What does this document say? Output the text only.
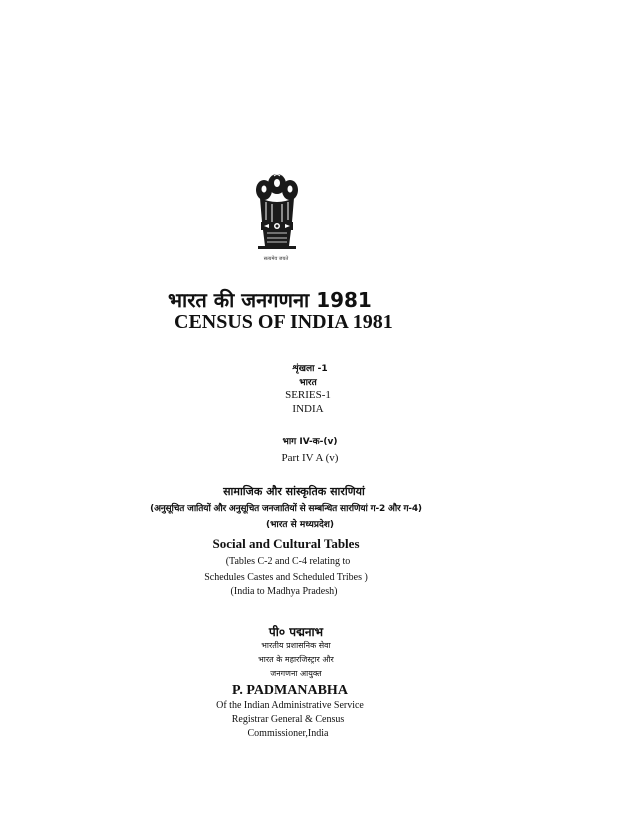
सत्यमेव जयते
भारत की जनगणना 1981
CENSUS OF INDIA 1981
शृंखला -1
भारत
SERIES-1
INDIA
भाग IV-क-(v)
Part IV A (v)
सामाजिक और सांस्कृतिक सारणियां
(अनुसूचित जातियों और अनुसूचित जनजातियों से सम्बन्धित सारणियां ग-2 और ग-4)
(भारत से मध्यप्रदेश)
Social and Cultural Tables
(Tables C-2 and C-4 relating to
Schedules Castes and Scheduled Tribes )
(India to Madhya Pradesh)
पी० पद्मनाभ
भारतीय प्रशासनिक सेवा
भारत के महारजिस्ट्रार और
जनगणना आयुक्त
P. PADMANABHA
Of the Indian Administrative Service
Registrar General & Census
Commissioner,India
